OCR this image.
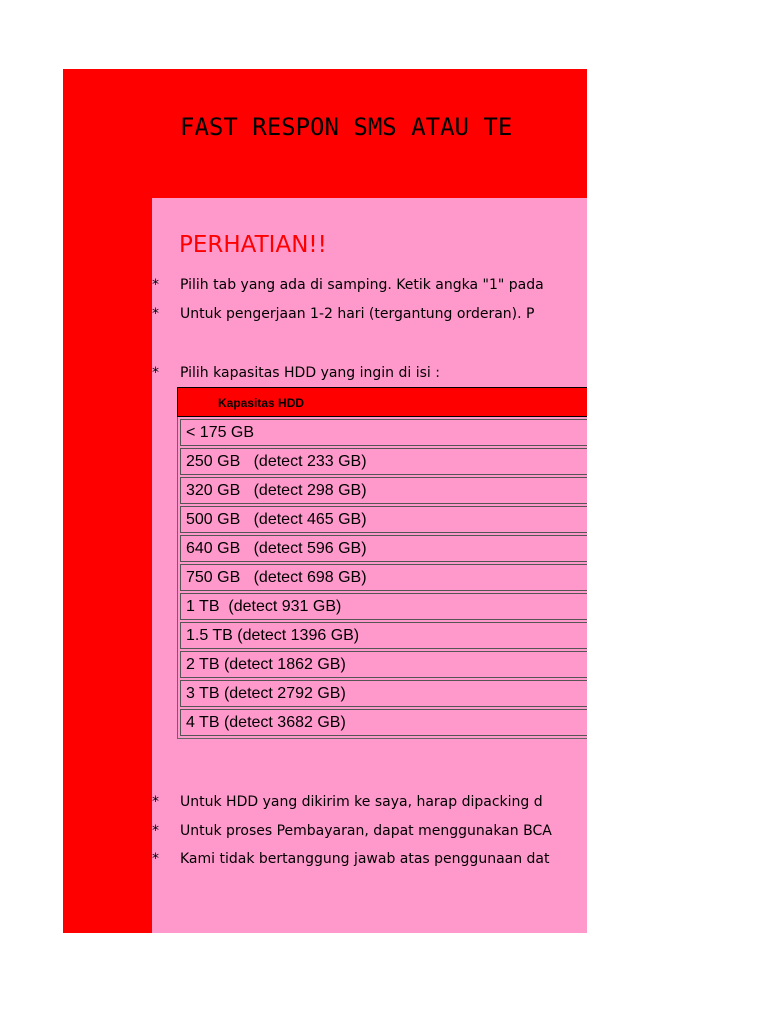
FAST RESPON SMS ATAU TE
PERHATIAN!!
* Pilih tab yang ada di samping. Ketik angka "1" pada
* Untuk pengerjaan 1-2 hari (tergantung orderan). P
* Pilih kapasitas HDD yang ingin di isi :
Kapasitas HDD
< 175 GB
250 GB   (detect 233 GB)
320 GB   (detect 298 GB)
500 GB   (detect 465 GB)
640 GB   (detect 596 GB)
750 GB   (detect 698 GB)
1 TB  (detect 931 GB)
1.5 TB (detect 1396 GB)
2 TB (detect 1862 GB)
3 TB (detect 2792 GB)
4 TB (detect 3682 GB)
* Untuk HDD yang dikirim ke saya, harap dipacking d
* Untuk proses Pembayaran, dapat menggunakan BCA
* Kami tidak bertanggung jawab atas penggunaan dat
